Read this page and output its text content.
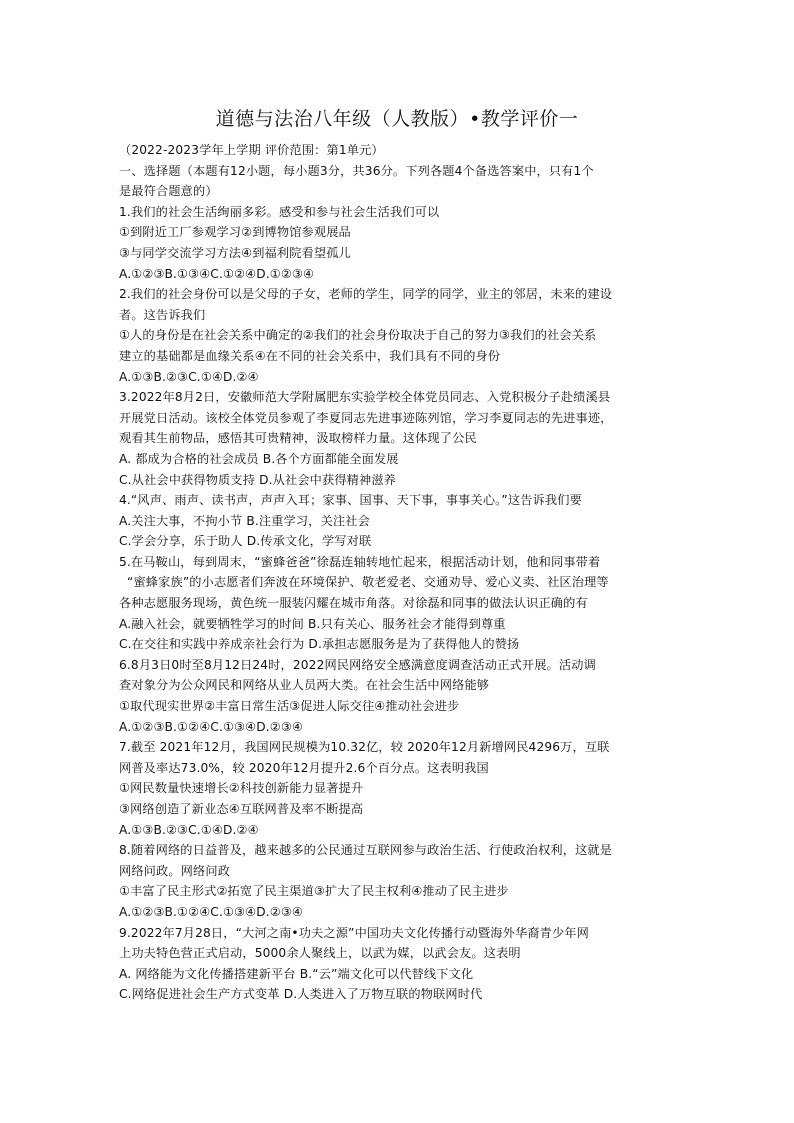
道德与法治八年级（人教版）•教学评价一
（2022-2023学年上学期 评价范围：第1单元）
一、选择题（本题有12小题，每小题3分，共36分。下列各题4个备选答案中，只有1个
是最符合题意的）
1.我们的社会生活绚丽多彩。感受和参与社会生活我们可以
①到附近工厂参观学习②到博物馆参观展品
③与同学交流学习方法④到福利院看望孤儿
A.①②③B.①③④C.①②④D.①②③④
2.我们的社会身份可以是父母的子女，老师的学生，同学的同学，业主的邻居，未来的建设
者。这告诉我们
①人的身份是在社会关系中确定的②我们的社会身份取决于自己的努力③我们的社会关系
建立的基础都是血缘关系④在不同的社会关系中，我们具有不同的身份
A.①③B.②③C.①④D.②④
3.2022年8月2日，安徽师范大学附属肥东实验学校全体党员同志、入党积极分子赴绩溪县
开展党日活动。该校全体党员参观了李夏同志先进事迹陈列馆，学习李夏同志的先进事迹，
观看其生前物品，感悟其可贵精神，汲取榜样力量。这体现了公民
A. 都成为合格的社会成员 B.各个方面都能全面发展
C.从社会中获得物质支持 D.从社会中获得精神滋养
4.“风声、雨声、读书声，声声入耳；家事、国事、天下事，事事关心。”这告诉我们要
A.关注大事，不拘小节 B.注重学习，关注社会
C.学会分享，乐于助人 D.传承文化，学写对联
5.在马鞍山，每到周末，“蜜蜂爸爸”徐磊连轴转地忙起来，根据活动计划，他和同事带着
“蜜蜂家族”的小志愿者们奔波在环境保护、敬老爱老、交通劝导、爱心义卖、社区治理等
各种志愿服务现场，黄色统一服装闪耀在城市角落。对徐磊和同事的做法认识正确的有
A.融入社会，就要牺牲学习的时间 B.只有关心、服务社会才能得到尊重
C.在交往和实践中养成亲社会行为 D.承担志愿服务是为了获得他人的赞扬
6.8月3日0时至8月12日24时，2022网民网络安全感满意度调查活动正式开展。活动调
查对象分为公众网民和网络从业人员两大类。在社会生活中网络能够
①取代现实世界②丰富日常生活③促进人际交往④推动社会进步
A.①②③B.①②④C.①③④D.②③④
7.截至 2021年12月，我国网民规模为10.32亿，较 2020年12月新增网民4296万，互联
网普及率达73.0%，较 2020年12月提升2.6个百分点。这表明我国
①网民数量快速增长②科技创新能力显著提升
③网络创造了新业态④互联网普及率不断提高
A.①③B.②③C.①④D.②④
8.随着网络的日益普及，越来越多的公民通过互联网参与政治生活、行使政治权利，这就是
网络问政。网络问政
①丰富了民主形式②拓宽了民主渠道③扩大了民主权利④推动了民主进步
A.①②③B.①②④C.①③④D.②③④
9.2022年7月28日，“大河之南•功夫之源”中国功夫文化传播行动暨海外华裔青少年网
上功夫特色营正式启动，5000余人聚线上，以武为媒，以武会友。这表明
A. 网络能为文化传播搭建新平台 B.“云”端文化可以代替线下文化
C.网络促进社会生产方式变革 D.人类进入了万物互联的物联网时代
